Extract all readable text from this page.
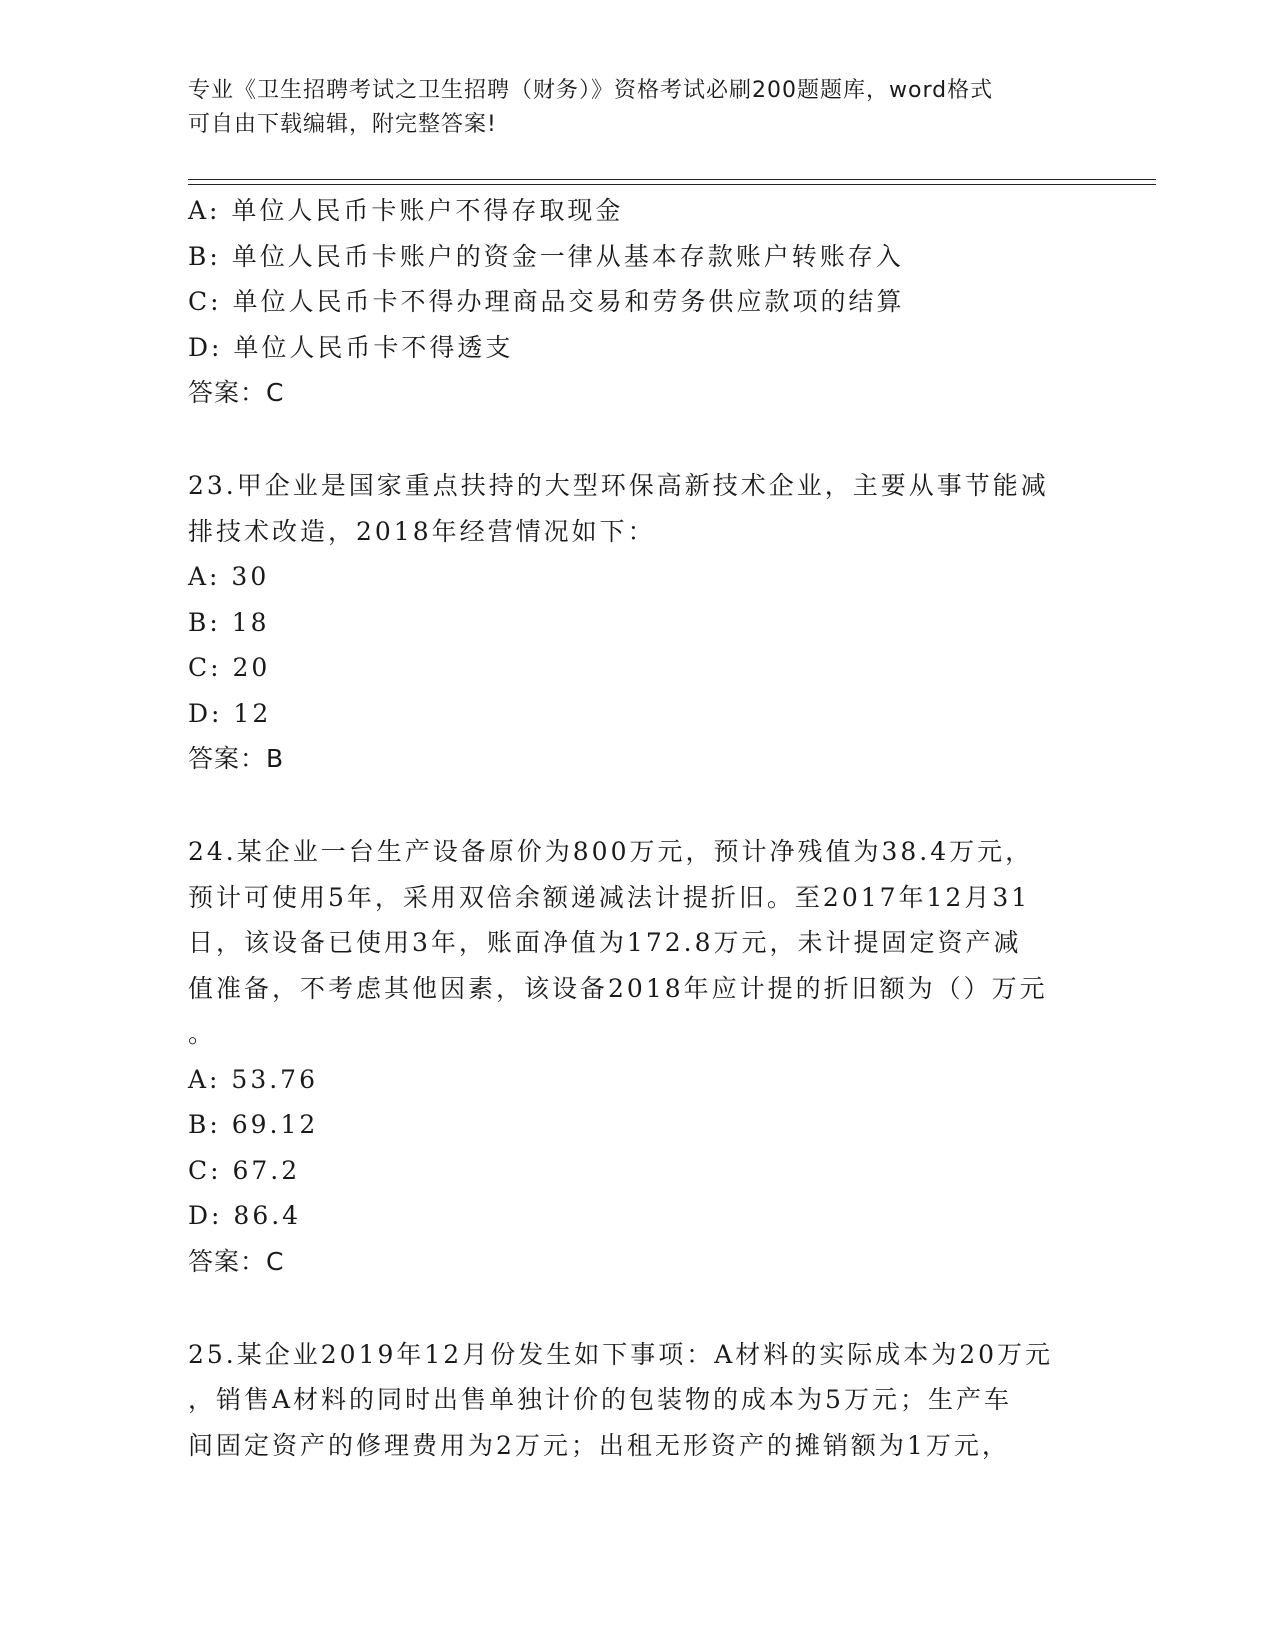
专业《卫生招聘考试之卫生招聘（财务）》资格考试必刷200题题库，word格式
可自由下载编辑，附完整答案!
A: 单位人民币卡账户不得存取现金
B: 单位人民币卡账户的资金一律从基本存款账户转账存入
C: 单位人民币卡不得办理商品交易和劳务供应款项的结算
D: 单位人民币卡不得透支
答案：C
23.甲企业是国家重点扶持的大型环保高新技术企业，主要从事节能减
排技术改造，2018年经营情况如下：
A: 30
B: 18
C: 20
D: 12
答案：B
24.某企业一台生产设备原价为800万元，预计净残值为38.4万元，
预计可使用5年，采用双倍余额递减法计提折旧。至2017年12月31
日，该设备已使用3年，账面净值为172.8万元，未计提固定资产减
值准备，不考虑其他因素，该设备2018年应计提的折旧额为（）万元
。
A: 53.76
B: 69.12
C: 67.2
D: 86.4
答案：C
25.某企业2019年12月份发生如下事项：A材料的实际成本为20万元
，销售A材料的同时出售单独计价的包装物的成本为5万元；生产车
间固定资产的修理费用为2万元；出租无形资产的摊销额为1万元，
